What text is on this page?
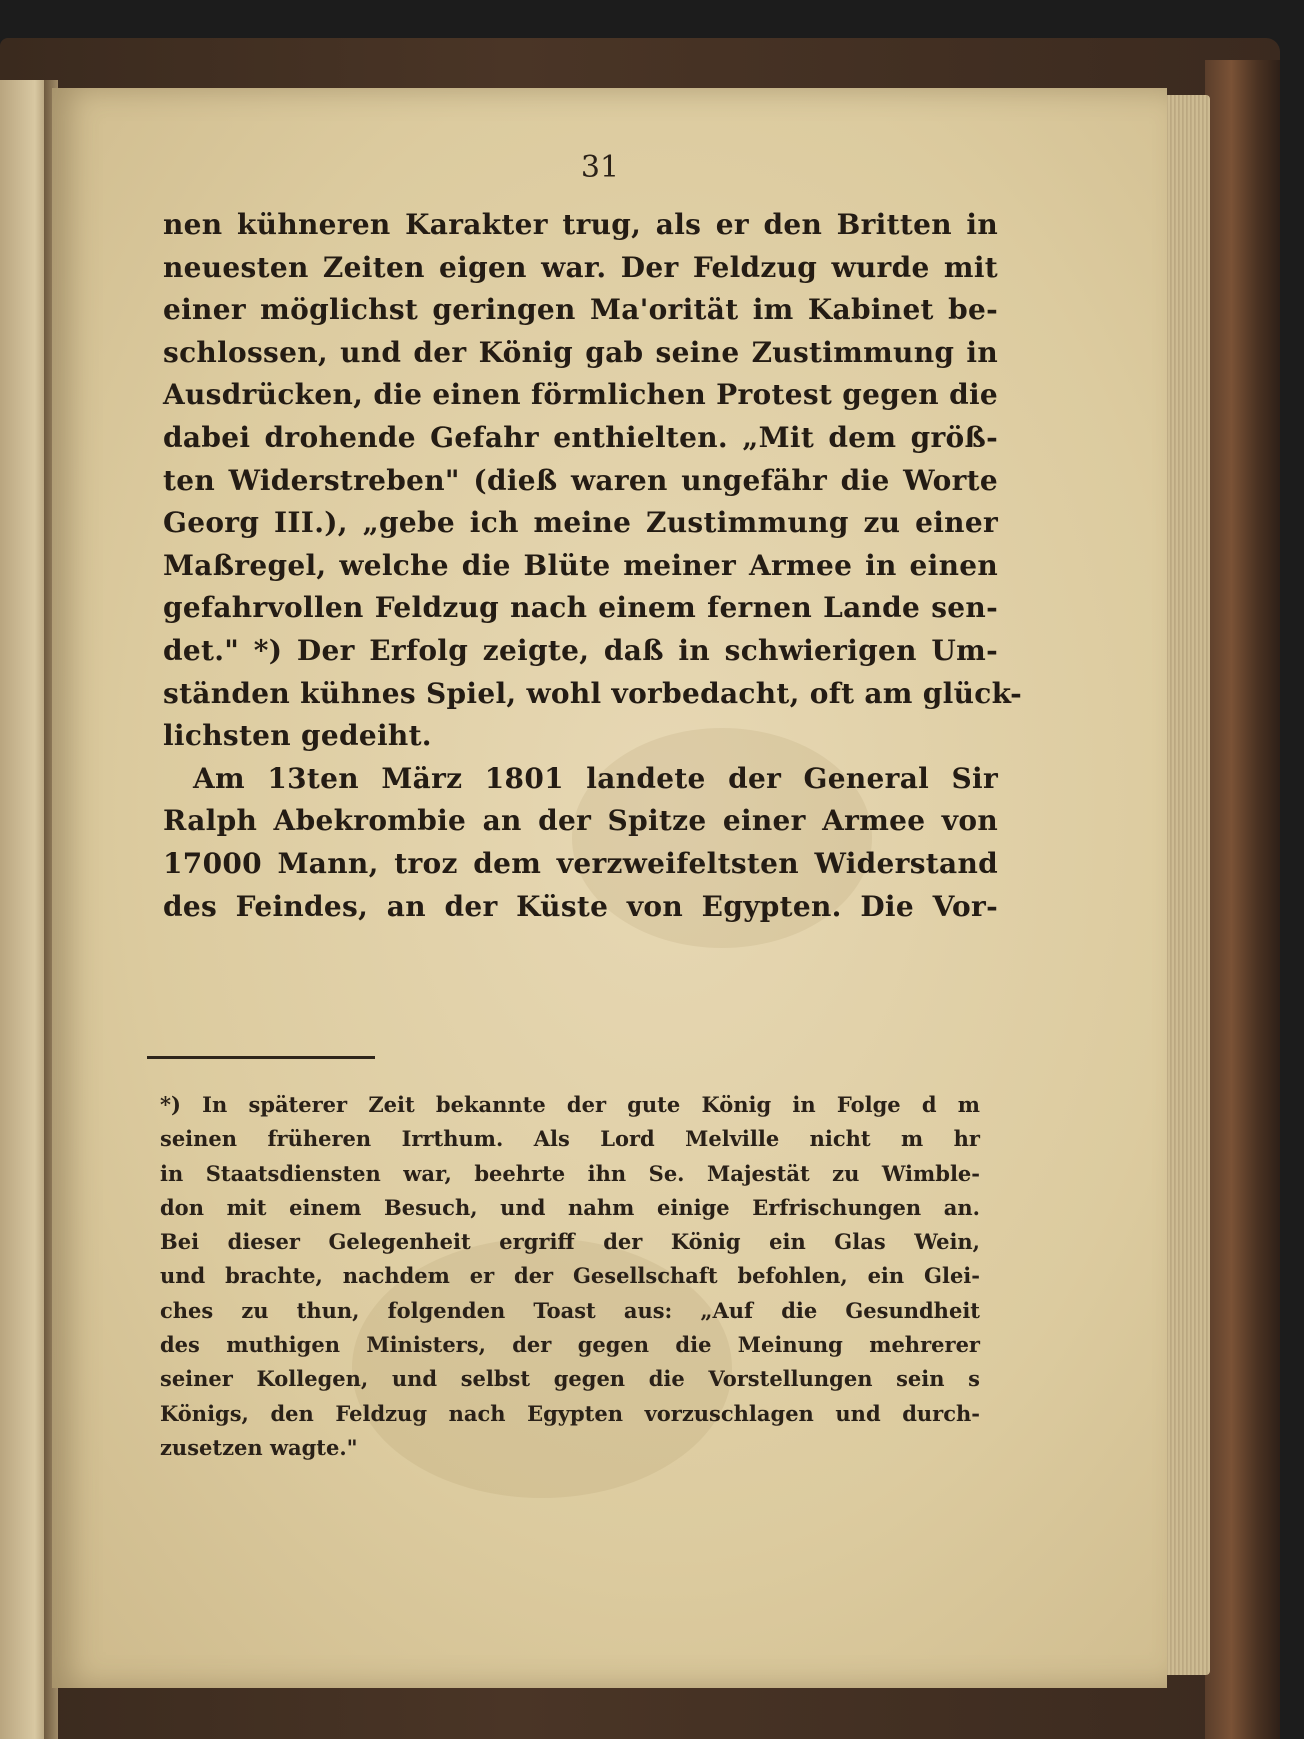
31
nen kühneren Karakter trug, als er den Britten in
neuesten Zeiten eigen war. Der Feldzug wurde mit
einer möglichst geringen Ma'orität im Kabinet be-
schlossen, und der König gab seine Zustimmung in
Ausdrücken, die einen förmlichen Protest gegen die
dabei drohende Gefahr enthielten. „Mit dem größ-
ten Widerstreben" (dieß waren ungefähr die Worte
Georg III.), „gebe ich meine Zustimmung zu einer
Maßregel, welche die Blüte meiner Armee in einen
gefahrvollen Feldzug nach einem fernen Lande sen-
det." *) Der Erfolg zeigte, daß in schwierigen Um-
ständen kühnes Spiel, wohl vorbedacht, oft am glück-
lichsten gedeiht.
Am 13ten März 1801 landete der General Sir
Ralph Abekrombie an der Spitze einer Armee von
17000 Mann, troz dem verzweifeltsten Widerstand
des Feindes, an der Küste von Egypten. Die Vor-
*) In späterer Zeit bekannte der gute König in Folge d m
seinen früheren Irrthum. Als Lord Melville nicht m hr
in Staatsdiensten war, beehrte ihn Se. Majestät zu Wimble-
don mit einem Besuch, und nahm einige Erfrischungen an.
Bei dieser Gelegenheit ergriff der König ein Glas Wein,
und brachte, nachdem er der Gesellschaft befohlen, ein Glei-
ches zu thun, folgenden Toast aus: „Auf die Gesundheit
des muthigen Ministers, der gegen die Meinung mehrerer
seiner Kollegen, und selbst gegen die Vorstellungen sein s
Königs, den Feldzug nach Egypten vorzuschlagen und durch-
zusetzen wagte."
